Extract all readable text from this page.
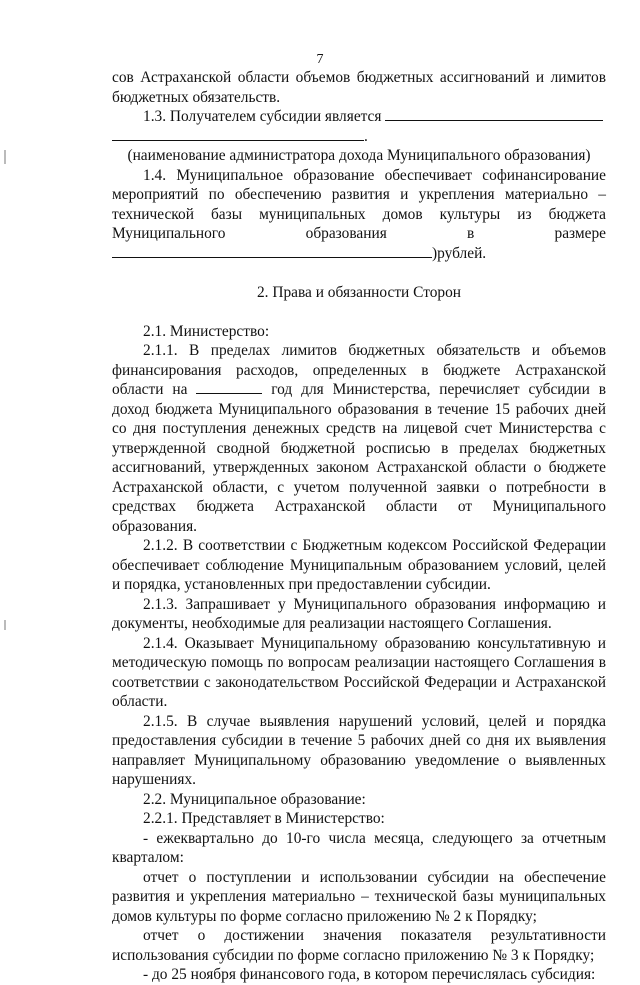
7

сов Астраханской области объемов бюджетных ассигнований и лимитов бюджетных обязательств.

1.3. Получателем субсидии является
.

(наименование администратора дохода Муниципального образования)

1.4. Муниципальное образование обеспечивает софинансирование мероприятий по обеспечению развития и укрепления материально – технической базы муниципальных домов культуры из бюджета Муниципального образования в размере)рублей.

2. Права и обязанности Сторон

2.1. Министерство:

2.1.1. В пределах лимитов бюджетных обязательств и объемов финансирования расходов, определенных в бюджете Астраханской области на	год для Министерства, перечисляет субсидии в доход бюджета Муниципального образования в течение 15 рабочих дней со дня поступления денежных средств на лицевой счет Министерства с утвержденной сводной бюджетной росписью в пределах бюджетных ассигнований, утвержденных законом Астраханской области о бюджете Астраханской области, с учетом полученной заявки о потребности в средствах бюджета Астраханской области от Муниципального образования.

2.1.2. В соответствии с Бюджетным кодексом Российской Федерации обеспечивает соблюдение Муниципальным образованием условий, целей и порядка, установленных при предоставлении субсидии.

2.1.3. Запрашивает у Муниципального образования информацию и документы, необходимые для реализации настоящего Соглашения.

2.1.4. Оказывает Муниципальному образованию консультативную и методическую помощь по вопросам реализации настоящего Соглашения в соответствии с законодательством Российской Федерации и Астраханской области.

2.1.5. В случае выявления нарушений условий, целей и порядка предоставления субсидии в течение 5 рабочих дней со дня их выявления направляет Муниципальному образованию уведомление о выявленных нарушениях.

2.2. Муниципальное образование:

2.2.1. Представляет в Министерство:

- ежеквартально до 10-го числа месяца, следующего за отчетным кварталом:

отчет о поступлении и использовании субсидии на обеспечение развития и укрепления материально – технической базы муниципальных домов культуры по форме согласно приложению № 2 к Порядку;

отчет о достижении значения показателя результативности использования субсидии по форме согласно приложению № 3 к Порядку;

- до 25 ноября финансового года, в котором перечислялась субсидия:
